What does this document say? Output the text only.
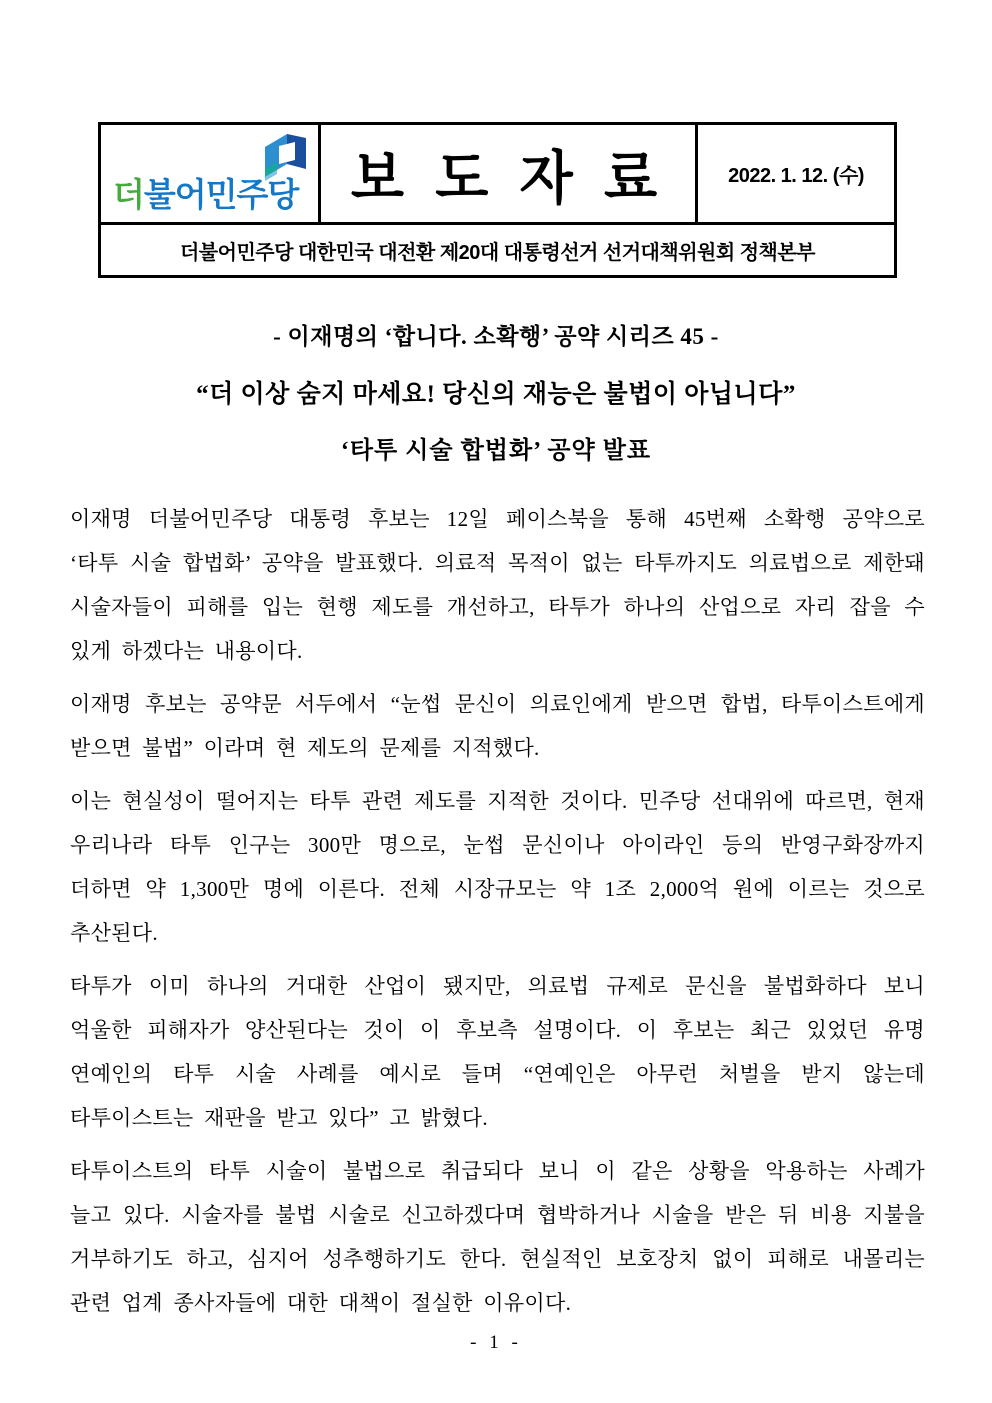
더불어민주당 보 도 자 료	2022. 1. 12. (수)
더불어민주당 대한민국 대전환 제20대 대통령선거 선거대책위원회 정책본부
- 이재명의 ‘합니다. 소확행’ 공약 시리즈 45 -
“더 이상 숨지 마세요! 당신의 재능은 불법이 아닙니다”
‘타투 시술 합법화’ 공약 발표

이재명 더불어민주당 대통령 후보는 12일 페이스북을 통해 45번째 소확행 공약으로 ‘타투 시술 합법화’ 공약을 발표했다. 의료적 목적이 없는 타투까지도 의료법으로 제한돼 시술자들이 피해를 입는 현행 제도를 개선하고, 타투가 하나의 산업으로 자리 잡을 수 있게 하겠다는 내용이다.

이재명 후보는 공약문 서두에서 “눈썹 문신이 의료인에게 받으면 합법, 타투이스트에게 받으면 불법” 이라며 현 제도의 문제를 지적했다.

이는 현실성이 떨어지는 타투 관련 제도를 지적한 것이다. 민주당 선대위에 따르면, 현재 우리나라 타투 인구는 300만 명으로, 눈썹 문신이나 아이라인 등의 반영구화장까지 더하면 약 1,300만 명에 이른다. 전체 시장규모는 약 1조 2,000억 원에 이르는 것으로 추산된다.

타투가 이미 하나의 거대한 산업이 됐지만, 의료법 규제로 문신을 불법화하다 보니 억울한 피해자가 양산된다는 것이 이 후보측 설명이다. 이 후보는 최근 있었던 유명 연예인의 타투 시술 사례를 예시로 들며 “연예인은 아무런 처벌을 받지 않는데 타투이스트는 재판을 받고 있다” 고 밝혔다.

타투이스트의 타투 시술이 불법으로 취급되다 보니 이 같은 상황을 악용하는 사례가 늘고 있다. 시술자를 불법 시술로 신고하겠다며 협박하거나 시술을 받은 뒤 비용 지불을 거부하기도 하고, 심지어 성추행하기도 한다. 현실적인 보호장치 없이 피해로 내몰리는 관련 업계 종사자들에 대한 대책이 절실한 이유이다.

- 1 -
